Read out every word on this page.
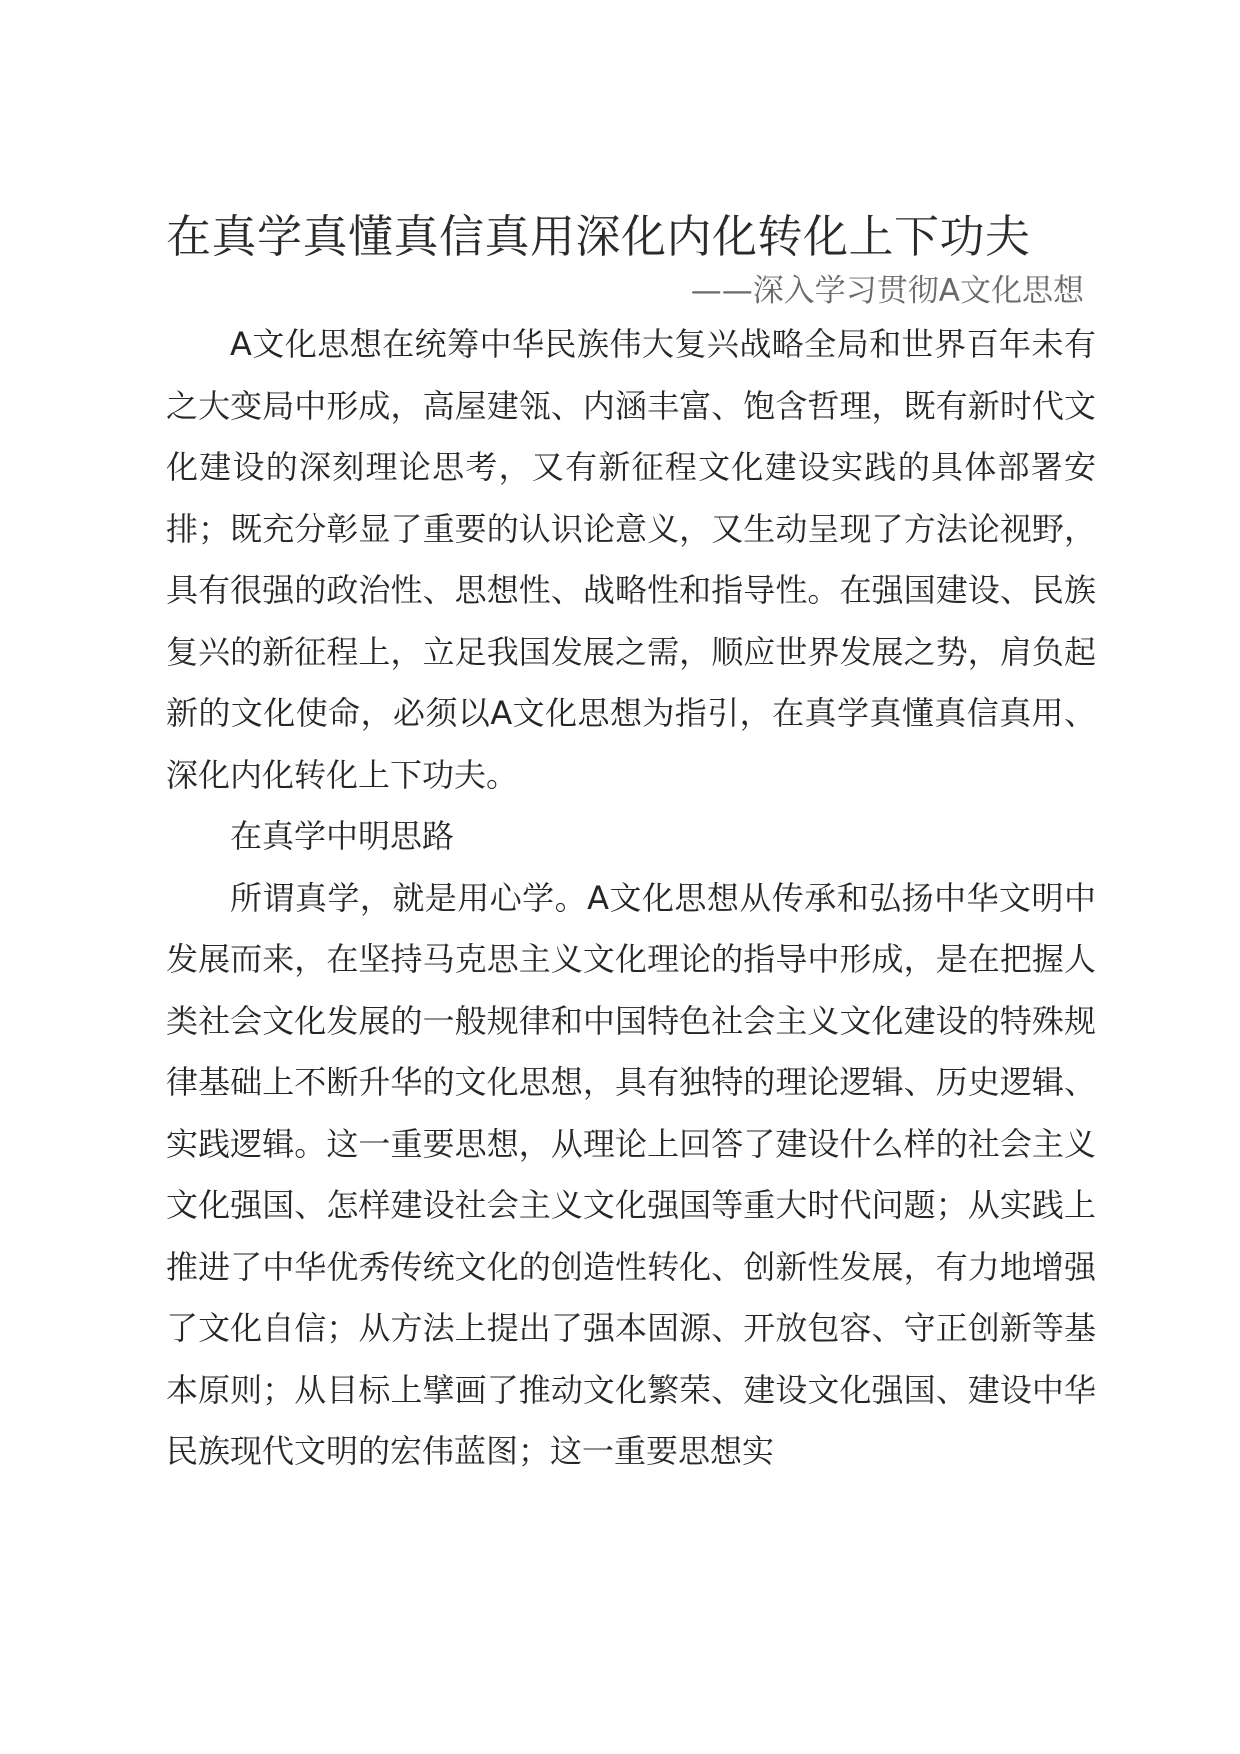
在真学真懂真信真用深化内化转化上下功夫

——深入学习贯彻A文化思想

A文化思想在统筹中华民族伟大复兴战略全局和世界百年未有之大变局中形成，高屋建瓴、内涵丰富、饱含哲理，既有新时代文化建设的深刻理论思考，又有新征程文化建设实践的具体部署安排；既充分彰显了重要的认识论意义，又生动呈现了方法论视野，具有很强的政治性、思想性、战略性和指导性。在强国建设、民族复兴的新征程上，立足我国发展之需，顺应世界发展之势，肩负起新的文化使命，必须以A文化思想为指引，在真学真懂真信真用、深化内化转化上下功夫。

在真学中明思路

所谓真学，就是用心学。A文化思想从传承和弘扬中华文明中发展而来，在坚持马克思主义文化理论的指导中形成，是在把握人类社会文化发展的一般规律和中国特色社会主义文化建设的特殊规律基础上不断升华的文化思想，具有独特的理论逻辑、历史逻辑、实践逻辑。这一重要思想，从理论上回答了建设什么样的社会主义文化强国、怎样建设社会主义文化强国等重大时代问题；从实践上推进了中华优秀传统文化的创造性转化、创新性发展，有力地增强了文化自信；从方法上提出了强本固源、开放包容、守正创新等基本原则；从目标上擘画了推动文化繁荣、建设文化强国、建设中华民族现代文明的宏伟蓝图；这一重要思想实
